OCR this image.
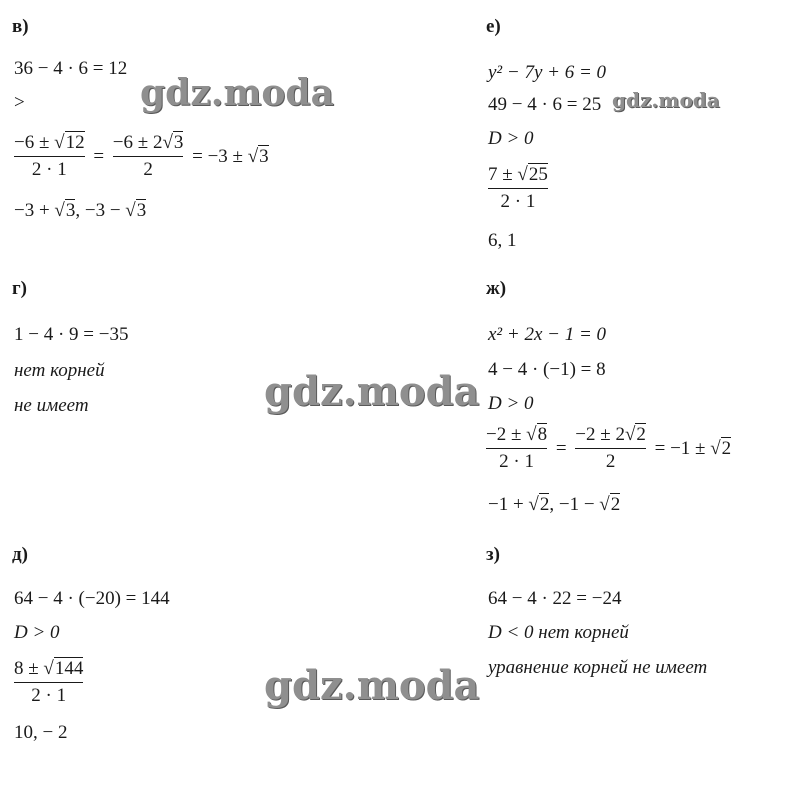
в)
36 − 4 · 6 = 12
>
$\frac{-6 \pm √12}{2 \cdot 1} = \frac{-6 \pm 2√3}{2} = -3 \pm √3$
−3 + √3, −3 − √3
е)
y² − 7y + 6 = 0
49 − 4 · 6 = 25
D > 0
7 ± √25
2 · 1
6, 1
г)
1 − 4 · 9 = −35
нет корней
не имеет
ж)
x² + 2x − 1 = 0
4 − 4 · (−1) = 8
D > 0
$\frac{-2 \pm √8}{2 \cdot 1} = \frac{-2 \pm 2√2}{2} = -1 \pm √2$
−1 + √2, −1 − √2
д)
64 − 4 · (−20) = 144
D > 0
8 ± √144
2 · 1
10, − 2
з)
64 − 4 · 22 = −24
D < 0 нет корней
уравнение корней не имеет
gdz.moda	gdz.moda
gdz.moda
gdz.moda
